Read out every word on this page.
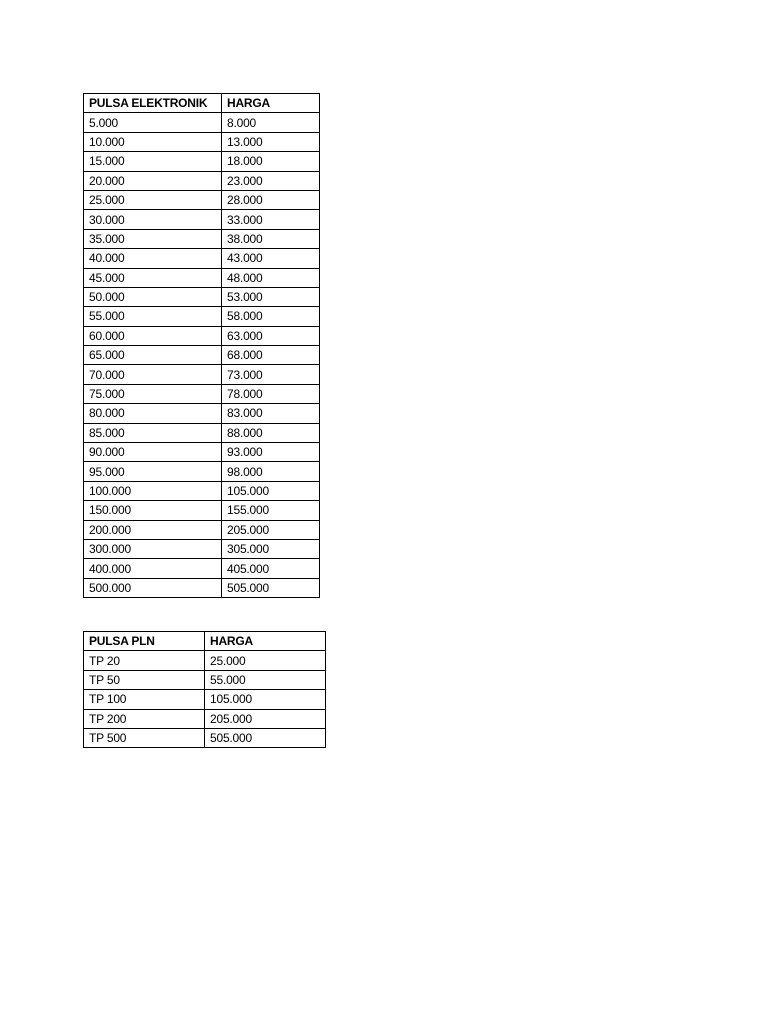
PULSA ELEKTRONIK	HARGA
5.000	8.000
10.000	13.000
15.000	18.000
20.000	23.000
25.000	28.000
30.000	33.000
35.000	38.000
40.000	43.000
45.000	48.000
50.000	53.000
55.000	58.000
60.000	63.000
65.000	68.000
70.000	73.000
75.000	78.000
80.000	83.000
85.000	88.000
90.000	93.000
95.000	98.000
100.000	105.000
150.000	155.000
200.000	205.000
300.000	305.000
400.000	405.000
500.000	505.000
PULSA PLN	HARGA
TP 20	25.000
TP 50	55.000
TP 100	105.000
TP 200	205.000
TP 500	505.000
